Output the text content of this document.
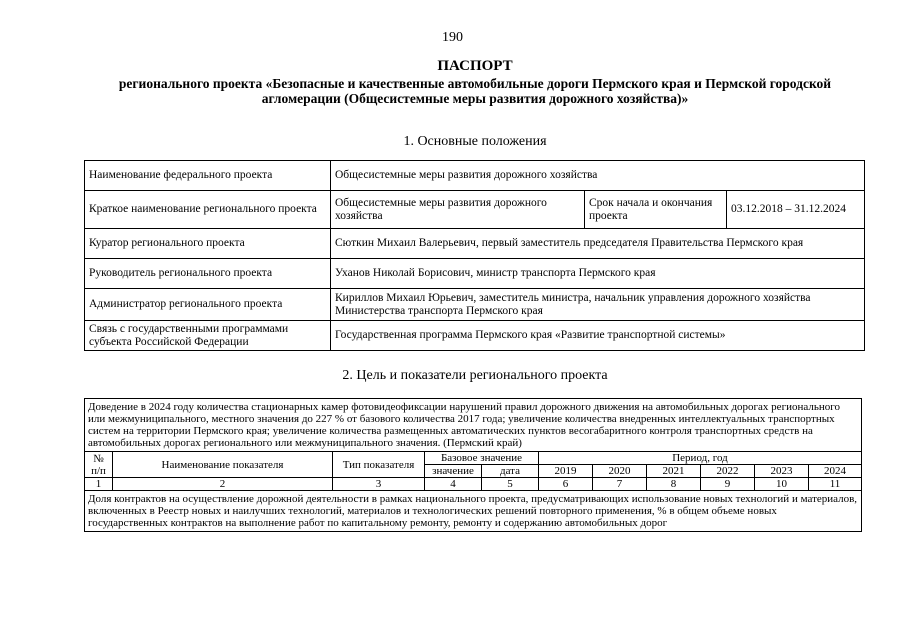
190
ПАСПОРТ
регионального проекта «Безопасные и качественные автомобильные дороги Пермского края и Пермской городской агломерации (Общесистемные меры развития дорожного хозяйства)»
1. Основные положения
Наименование федерального проекта	Общесистемные меры развития дорожного хозяйства		
Краткое наименование регионального проекта	Общесистемные меры развития дорожного хозяйства	Срок начала и окончания проекта	03.12.2018 – 31.12.2024
Куратор регионального проекта	Сюткин Михаил Валерьевич, первый заместитель председателя Правительства Пермского края		
Руководитель регионального проекта	Уханов Николай Борисович, министр транспорта Пермского края		
Администратор регионального проекта	Кириллов Михаил Юрьевич, заместитель министра, начальник управления дорожного хозяйства Министерства транспорта Пермского края		
Связь с государственными программами субъекта Российской Федерации	Государственная программа Пермского края «Развитие транспортной системы»		
2. Цель и показатели регионального проекта
Доведение в 2024 году количества стационарных камер фотовидеофиксации нарушений правил дорожного движения на автомобильных дорогах регионального или межмуниципального, местного значения до 227 % от базового количества 2017 года; увеличение количества внедренных интеллектуальных транспортных систем на территории Пермского края; увеличение количества размещенных автоматических пунктов весогабаритного контроля транспортных средств на автомобильных дорогах регионального или межмуниципального значения. (Пермский край)										
№ п/п	Наименование показателя	Тип показателя	Базовое значение		Период, год					
			значение	дата	2019	2020	2021	2022	2023	2024
1	2	3	4	5	6	7	8	9	10	11
Доля контрактов на осуществление дорожной деятельности в рамках национального проекта, предусматривающих использование новых технологий и материалов, включенных в Реестр новых и наилучших технологий, материалов и технологических решений повторного применения, % в общем объеме новых государственных контрактов на выполнение работ по капитальному ремонту, ремонту и содержанию автомобильных дорог										
